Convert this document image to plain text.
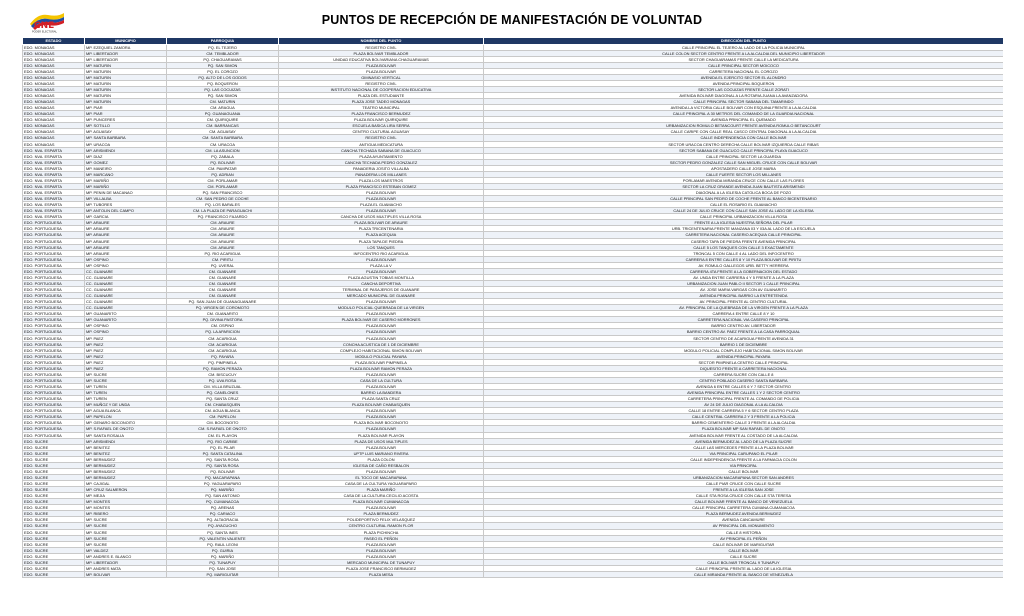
CNE
PODER ELECTORAL
PUNTOS DE RECEPCIÓN DE MANIFESTACIÓN DE VOLUNTAD
ESTADO	MUNICIPIO	PARROQUIA	NOMBRE DEL PUNTO	DIRECCIÓN DEL PUNTO
EDO. MONAGAS	MP. EZEQUIEL ZAMORA	PQ. EL TEJERO	REGISTRO CIVIL	CALLE PRINCIPAL EL TEJERO AL LADO DE LA POLICIA MUNICIPAL
EDO. MONAGAS	MP. LIBERTADOR	CM. TEMBLADOR	PLAZA BOLIVAR TEMBLADOR	CALLE COLON SECTOR CENTRO FRENTE A LA ALCALDIA DEL MUNICIPIO LIBERTADOR
EDO. MONAGAS	MP. LIBERTADOR	PQ. CHAGUARAMAS	UNIDAD EDUCATIVA BOLIVARIANA CHAGUARAMAS	SECTOR CHAGUARAMAS FRENTE CALLE LA MEDICATURA
EDO. MONAGAS	MP. MATURIN	PQ. SAN SIMON	PLAZA BOLIVAR	CALLE PRINCIPAL SECTOR MOICOCO
EDO. MONAGAS	MP. MATURIN	PQ. EL COROZO	PLAZA BOLIVAR	CARRETERA NACIONAL EL COROZO
EDO. MONAGAS	MP. MATURIN	PQ. ALTO DE LOS GODOS	GIMNASIO VERTICAL	AVENIDA EL EJERCITO SECTOR EL ALONDRO
EDO. MONAGAS	MP. MATURIN	PQ. BOQUERON	REGISTRO CIVIL	AVENIDA PRINCIPAL BOQUERON
EDO. MONAGAS	MP. MATURIN	PQ. LAS COCUIZAS	INSTITUTO NACIONAL DE COOPERACION EDUCATIVA	SECTOR LAS COCUIZAS FRENTE CALLE ZORATI
EDO. MONAGAS	MP. MATURIN	PQ. SAN SIMON	PLAZA DEL ESTUDIANTE	AVENIDA BOLIVAR DIAGONAL A LA ROTARIA JUANA LA AVANZADORA
EDO. MONAGAS	MP. MATURIN	CM. MATURIN	PLAZA JOSE TADEO MONAGAS	CALLE PRINCIPAL SECTOR SABANA DEL TAMARINDO
EDO. MONAGAS	MP. PIAR	CM. ARAGUA	TEATRO MUNICIPAL	AVENIDA LA VICTORIA CALLE BOLIVAR CON ESQUINA FRENTE A LA ALCALDIA
EDO. MONAGAS	MP. PIAR	PQ. GUANAGUANA	PLAZA FRANCISCO BERMUDEZ	CALLE PRINCIPAL A 30 METROS DEL COMANDO DE LA GUARDIA NACIONAL
EDO. MONAGAS	MP. PUNCERES	CM. QUIRIQUIRE	PLAZA BOLIVAR QUIRIQUIRE	AVENIDA PRINCIPAL EL QUEMADO
EDO. MONAGAS	MP. SOTILLO	CM. BARRANCAS	ESCUELA BASICA LIRA SERRA	URBANIZACION ROMULO BETANCOURT FRENTE AVENIDA ROMULO BETANCOURT
EDO. MONAGAS	MP. AGUASAY	CM. AGUASAY	CENTRO CULTURAL AGUASAY	CALLE CARIPE CON CALLE REAL CASCO CENTRAL DIAGONAL A LA ALCALDIA
EDO. MONAGAS	MP. SANTA BARBARA	CM. SANTA BARBARA	REGISTRO CIVIL	CALLE INDEPENDENCIA CON CALLE BOLIVAR
EDO. MONAGAS	MP. URACOA	CM. URACOA	ANTIGUA MEDICATURA	SECTOR URACOA CENTRO DERECHA CALLE BOLIVAR IZQUIERDA CALLE RIBAS
EDO. NVA. ESPARTA	MP. ARISMENDI	CM. LA ASUNCION	CANCHA TECHADA SABANA DE GUACUCO	SECTOR SABANA DE GUACUCO CALLE PRINCIPAL PLAYA GUACUCO
EDO. NVA. ESPARTA	MP. DIAZ	PQ. ZABALA	PLAZA AYUNTAMIENTO	CALLE PRINCIPAL SECTOR LA GUARDIA
EDO. NVA. ESPARTA	MP. GOMEZ	PQ. BOLIVAR	CANCHA TECHADA PEDRO GONZALEZ	SECTOR PEDRO GONZALEZ CALLE SAN MIGUEL CRUCE CON CALLE BOLIVAR
EDO. NVA. ESPARTA	MP. MANEIRO	CM. PAMPATAR	PANADERIA JOSITO VILLALBA	APOSTADERO CALLE JOSE MARIA
EDO. NVA. ESPARTA	MP. MARCANO	PQ. ADRIAN	PANADERIA LOS MILLANES	CALLE FUERTE SECTOR LOS MILLANES
EDO. NVA. ESPARTA	MP. MARIÑO	CM. PORLAMAR	PLAZA LOS MAESTROS	PORLAMAR AVENIDA MIRANDA CRUCE CON CALLE LAS FLORES
EDO. NVA. ESPARTA	MP. MARIÑO	CM. PORLAMAR	PLAZA FRANCISCO ESTEBAN GOMEZ	SECTOR LA CRUZ GRANDE AVENIDA JUAN BAUTISTA ARISMENDI
EDO. NVA. ESPARTA	MP. PENIN DE MACANAO	PQ. SAN FRANCISCO	PLAZA BOLIVAR	DIAGONAL A LA IGLESIA CATOLICA BOCA DE POZO
EDO. NVA. ESPARTA	MP. VILLALBA	CM. SAN PEDRO DE COCHE	PLAZA BOLIVAR	CALLE PRINCIPAL SAN PEDRO DE COCHE FRENTE AL BANCO BICENTENARIO
EDO. NVA. ESPARTA	MP. TUBORES	PQ. LOS BARALES	PLAZA EL GUAMACHO	CALLE EL ROSARIO EL GUAMACHO
EDO. NVA. ESPARTA	MP. ANTOLIN DEL CAMPO	CM. LA PLAZA DE PARAGUACHI	PLAZA BOLIVAR	CALLE 24 DE JULIO CRUCE CON CALLE SAN JOSE AL LADO DE LA IGLESIA
EDO. NVA. ESPARTA	MP. GARCIA	PQ. FRANCISCO FAJARDO	CANCHA DE USOS MULTIPLES VILLA ROSA	CALLE PRINCIPAL URBANIZACION VILLA ROSA
EDO. PORTUGUESA	MP. ARAURE	CM. ARAURE	PLAZA BOLIVAR DE ARAURE	FRENTE A LA IGLESIA NUESTRA SEÑORA DEL PILAR
EDO. PORTUGUESA	MP. ARAURE	CM. ARAURE	PLAZA TRICENTENARIA	URB. TRICENTENARIA FRENTE MANZANA 03 Y 03A AL LADO DE LA ESCUELA
EDO. PORTUGUESA	MP. ARAURE	CM. ARAURE	PLAZA ACEQUIA	CARRETERA NACIONAL CASERIO ACEQUIA CALLE PRINCIPAL
EDO. PORTUGUESA	MP. ARAURE	CM. ARAURE	PLAZA TAPA DE PIEDRA	CASERIO TAPA DE PIEDRA FRENTE AVENIDA PRINCIPAL
EDO. PORTUGUESA	MP. ARAURE	CM. ARAURE	LOS TANQUES	CALLE 5 LOS TANQUES CON CALLE 3 EXACTAMENTE
EDO. PORTUGUESA	MP. ARAURE	PQ. RIO ACARIGUA	INFOCENTRO RIO ACARIGUA	TRONCAL 5 CON CALLE 4 AL LADO DEL INFOCENTRO
EDO. PORTUGUESA	MP. OSPINO	CM. PIRITU	PLAZA BOLIVAR	CARRERA 8 ENTRE CALLES 8 Y 10 PLAZA BOLIVAR DE PIRITU
EDO. PORTUGUESA	MP. OSPINO	PQ. UVERAL	PLAZA LA V	AV. ROMULO GALLEGOS URB. BETTY HERRERA
EDO. PORTUGUESA	CC. GUANARE	CM. GUANARE	PLAZA BOLIVAR	CARRERA 4TA FRENTE A LA GOBERNACION DEL ESTADO
EDO. PORTUGUESA	CC. GUANARE	CM. GUANARE	PLAZA AGUSTIN TOBIAS MONTILLA	AV. UNDA ENTRE CARRERA 4 Y 5 FRENTE A LA PLAZA
EDO. PORTUGUESA	CC. GUANARE	CM. GUANARE	CANCHA DEPORTIVA	URBANIZACION JUAN PABLO II SECTOR 1 CALLE PRINCIPAL
EDO. PORTUGUESA	CC. GUANARE	CM. GUANARE	TERMINAL DE PASAJEROS DE GUANARE	AV. JOSE MARIA VARGAS CON AV GUANARITO
EDO. PORTUGUESA	CC. GUANARE	CM. GUANARE	MERCADO MUNICIPAL DE GUANARE	AVENIDA PRINCIPAL BARRIO LA ENTRETENIDA
EDO. PORTUGUESA	CC. GUANARE	PQ. SAN JUAN DE GUANAGUANARE	PLAZA BOLIVAR	AV. PRINCIPAL FRENTE AL CENTRO CULTURAL
EDO. PORTUGUESA	CC. GUANARE	PQ. VIRGEN DE COROMOTO	MODULO POLICIAL QUEBRADA DE LA VIRGEN	AV. PRINCIPAL DE LA QUEBRADA DE LA VIRGEN FRENTE A LA PLAZA
EDO. PORTUGUESA	MP. GUANARITO	CM. GUANARITO	PLAZA BOLIVAR	CARRERA 4 ENTRE CALLE 8 Y 10
EDO. PORTUGUESA	MP. GUANARITO	PQ. DIVINA PASTORA	PLAZA BOLIVAR DE CASERIO MORRONES	CARRETERA NACIONAL VIA CASERIO PRINCIPAL
EDO. PORTUGUESA	MP. OSPINO	CM. OSPINO	PLAZA BOLIVAR	BARRIO CENTRO AV. LIBERTADOR
EDO. PORTUGUESA	MP. OSPINO	PQ. LA APARICION	PLAZA BOLIVAR	BARRIO CENTRO AV. PAEZ FRENTE A LA CASA PARROQUIAL
EDO. PORTUGUESA	MP. PAEZ	CM. ACARIGUA	PLAZA BOLIVAR	SECTOR CENTRO DE ACARIGUA FRENTE AVENIDA 31
EDO. PORTUGUESA	MP. PAEZ	CM. ACARIGUA	CONCHA ACUSTICA DE 1 DE DICIEMBRE	BARRIO 1 DE DICIEMBRE
EDO. PORTUGUESA	MP. PAEZ	CM. ACARIGUA	COMPLEJO HABITACIONAL SIMON BOLIVAR	MODULO POLICIAL COMPLEJO HABITACIONAL SIMON BOLIVAR
EDO. PORTUGUESA	MP. PAEZ	PQ. PAYARA	MODULO POLICIAL PAYARA	AVENIDA PRINCIPAL PAYARA
EDO. PORTUGUESA	MP. PAEZ	PQ. PIMPINELA	PLAZA BOLIVAR PIMPINELA	SECTOR PIMPINELA CENTRO CALLE PRINCIPAL
EDO. PORTUGUESA	MP. PAEZ	PQ. RAMON PERAZA	PLAZA BOLIVAR RAMON PERAZA	DIQUESITO FRENTE A CARRETERA NACIONAL
EDO. PORTUGUESA	MP. SUCRE	CM. BISCUCUY	PLAZA BOLIVAR	CARRERA SUCRE CON CALLE 8
EDO. PORTUGUESA	MP. SUCRE	PQ. UVA ROSA	CASA DE LA CULTURA	CENTRO POBLADO CASERIO SANTA BARBARA
EDO. PORTUGUESA	MP. TUREN	CM. VILLA BRUZUAL	PLAZA BOLIVAR	AVENIDA 6 ENTRE CALLES 6 Y 7 SECTOR CENTRO
EDO. PORTUGUESA	MP. TUREN	PQ. CANELONES	BARRIO LA BANDERA	AVENIDA PRINCIPAL ENTRE CALLES 1 Y 2 SECTOR CENTRO
EDO. PORTUGUESA	MP. TUREN	PQ. SANTA CRUZ	PLAZA SANTA CRUZ	CARRETERA PRINCIPAL FRENTE AL COMANDO DE POLICIA
EDO. PORTUGUESA	MP. MUÑOZ Y DE UNDA	CM. CHABASQUEN	PLAZA BOLIVAR CHABASQUEN	AV 24 DE JULIO DIAGONAL A LA ALCALDIA
EDO. PORTUGUESA	MP. AGUA BLANCA	CM. AGUA BLANCA	PLAZA BOLIVAR	CALLE 18 ENTRE CARRERA 5 Y 6 SECTOR CENTRO PLAZA
EDO. PORTUGUESA	MP. PAPELON	CM. PAPELON	PLAZA BOLIVAR	CALLE CENTRAL CARRERA 2 Y 3 FRENTE A LA POLICIA
EDO. PORTUGUESA	MP. GENARO BOCONOITO	CM. BOCONOITO	PLAZA BOLIVAR BOCONOITO	BARRIO CEMENTERIO CALLE 3 FRENTE A LA ALCALDIA
EDO. PORTUGUESA	MP. S.RAFAEL DE ONOTO	CM. S.RAFAEL DE ONOTO	PLAZA BOLIVAR	PLAZA BOLIVAR MP SAN RAFAEL DE ONOTO
EDO. PORTUGUESA	MP. SANTA ROSALIA	CM. EL PLAYON	PLAZA BOLIVAR PLAYON	AVENIDA BOLIVAR FRENTE AL COSTADO DE LA ALCALDIA
EDO. SUCRE	MP. ARISMENDI	PQ. RIO CARIBE	PLAZA DE USOS MULTIPLES	AVENIDA BERMUDEZ AL LADO DE LA PLAZA SUCRE
EDO. SUCRE	MP. BENITEZ	PQ. EL PILAR	PLAZA BOLIVAR	CALLE LAS MERCEDES FRENTE A LA PLAZA BOLIVAR
EDO. SUCRE	MP. BENITEZ	PQ. SANTA CATALINA	UPTP LUIS MARIANO RIVERA	VIA PRINCIPAL CARUPANO EL PILAR
EDO. SUCRE	MP. BERMUDEZ	PQ. SANTA ROSA	PLAZA COLON	CALLE INDEPENDENCIA FRENTE A LA FARMACIA COLON
EDO. SUCRE	MP. BERMUDEZ	PQ. SANTA ROSA	IGLESIA DE CAÑO RESBALON	VIA PRINCIPAL
EDO. SUCRE	MP. BERMUDEZ	PQ. BOLIVAR	PLAZA BOLIVAR	CALLE BOLIVAR
EDO. SUCRE	MP. BERMUDEZ	PQ. MACARAPANA	EL TOCO DE MACARAPANA	URBANIZACION MACARAPANA SECTOR SAN ANDRES
EDO. SUCRE	MP. CAJIGAL	PQ. YAGUARAPARO	CASA DE LA CULTURA YAGUARAPARO	CALLE PIAR CRUCE CON CALLE SUCRE
EDO. SUCRE	MP. CRUZ SALMERON	PQ. MARIÑO	PLAZA MARIÑO	FRENTE A LA IGLESIA SAN JOSE
EDO. SUCRE	MP. MEJIA	PQ. SAN ANTONIO	CASA DE LA CULTURA CECILIO ACOSTA	CALLE STA ROSA CRUCE CON CALLE STA TERESA
EDO. SUCRE	MP. MONTES	PQ. CUMANACOA	PLAZA BOLIVAR CUMANACOA	CALLE BOLIVAR FRENTE AL BANCO DE VENEZUELA
EDO. SUCRE	MP. MONTES	PQ. ARENAS	PLAZA BOLIVAR	CALLE PRINCIPAL CARRETERA CUMANA CUMANACOA
EDO. SUCRE	MP. RIBERO	PQ. CARIACO	PLAZA BERMUDEZ	PLAZA BERMUDEZ AVENIDA BERMUDEZ
EDO. SUCRE	MP. SUCRE	PQ. ALTAGRACIA	POLIDEPORTIVO FELIX VELASQUEZ	AVENIDA CANCAMURE
EDO. SUCRE	MP. SUCRE	PQ. AYACUCHO	CENTRO CULTURAL RAMON FLOR	AV PRINCIPAL DEL MONUMENTO
EDO. SUCRE	MP. SUCRE	PQ. SANTA INES	PLAZA PICHINCHA	CALLE 8 HISTORIA
EDO. SUCRE	MP. SUCRE	PQ. VALENTIN VALIENTE	PASEO EL PEÑON	AV PRINCIPAL EL PEÑON
EDO. SUCRE	MP. SUCRE	PQ. RAUL LEONI	PLAZA BOLIVAR	CALLE BOLIVAR DE MARIGUITAR
EDO. SUCRE	MP. VALDEZ	PQ. GUIRIA	PLAZA BOLIVAR	CALLE BOLIVAR
EDO. SUCRE	MP. ANDRES E. BLANCO	PQ. MARIÑO	PLAZA BOLIVAR	CALLE SUCRE
EDO. SUCRE	MP. LIBERTADOR	PQ. TUNAPUY	MERCADO MUNICIPAL DE TUNAPUY	CALLE BOLIVAR TRONCAL 9 TUNAPUY
EDO. SUCRE	MP. ANDRES MATA	PQ. SAN JOSE	PLAZA JOSE FRANCISCO BERMUDEZ	CALLE PRINCIPAL FRENTE AL LADO DE LA IGLESIA
EDO. SUCRE	MP. BOLIVAR	PQ. MARIGUITAR	PLAZA MESA	CALLE MIRANDA FRENTE AL BANCO DE VENEZUELA
